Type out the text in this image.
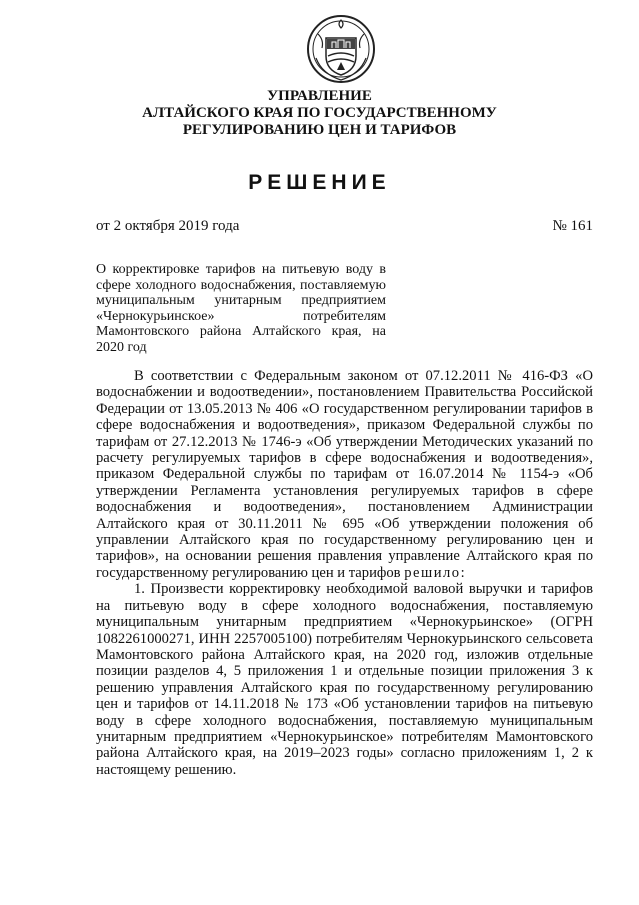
УПРАВЛЕНИЕ
АЛТАЙСКОГО КРАЯ ПО ГОСУДАРСТВЕННОМУ
РЕГУЛИРОВАНИЮ ЦЕН И ТАРИФОВ
РЕШЕНИЕ
от 2 октября 2019 года	№ 161
О корректировке тарифов на питьевую воду в сфере холодного водоснабжения, поставляемую муниципальным унитарным предприятием «Чернокурьинское» потребителям Мамонтовского района Алтайского края, на 2020 год

В соответствии с Федеральным законом от 07.12.2011 № 416-ФЗ «О водоснабжении и водоотведении», постановлением Правительства Российской Федерации от 13.05.2013 № 406 «О государственном регулировании тарифов в сфере водоснабжения и водоотведения», приказом Федеральной службы по тарифам от 27.12.2013 № 1746-э «Об утверждении Методических указаний по расчету регулируемых тарифов в сфере водоснабжения и водоотведения», приказом Федеральной службы по тарифам от 16.07.2014 № 1154-э «Об утверждении Регламента установления регулируемых тарифов в сфере водоснабжения и водоотведения», постановлением Администрации Алтайского края от 30.11.2011 № 695 «Об утверждении положения об управлении Алтайского края по государственному регулированию цен и тарифов», на основании решения правления управление Алтайского края по государственному регулированию цен и тарифов решило:

1. Произвести корректировку необходимой валовой выручки и тарифов на питьевую воду в сфере холодного водоснабжения, поставляемую муниципальным унитарным предприятием «Чернокурьинское» (ОГРН 1082261000271, ИНН 2257005100) потребителям Чернокурьинского сельсовета Мамонтовского района Алтайского края, на 2020 год, изложив отдельные позиции разделов 4, 5 приложения 1 и отдельные позиции приложения 3 к решению управления Алтайского края по государственному регулированию цен и тарифов от 14.11.2018 № 173 «Об установлении тарифов на питьевую воду в сфере холодного водоснабжения, поставляемую муниципальным унитарным предприятием «Чернокурьинское» потребителям Мамонтовского района Алтайского края, на 2019–2023 годы» согласно приложениям 1, 2 к настоящему решению.
